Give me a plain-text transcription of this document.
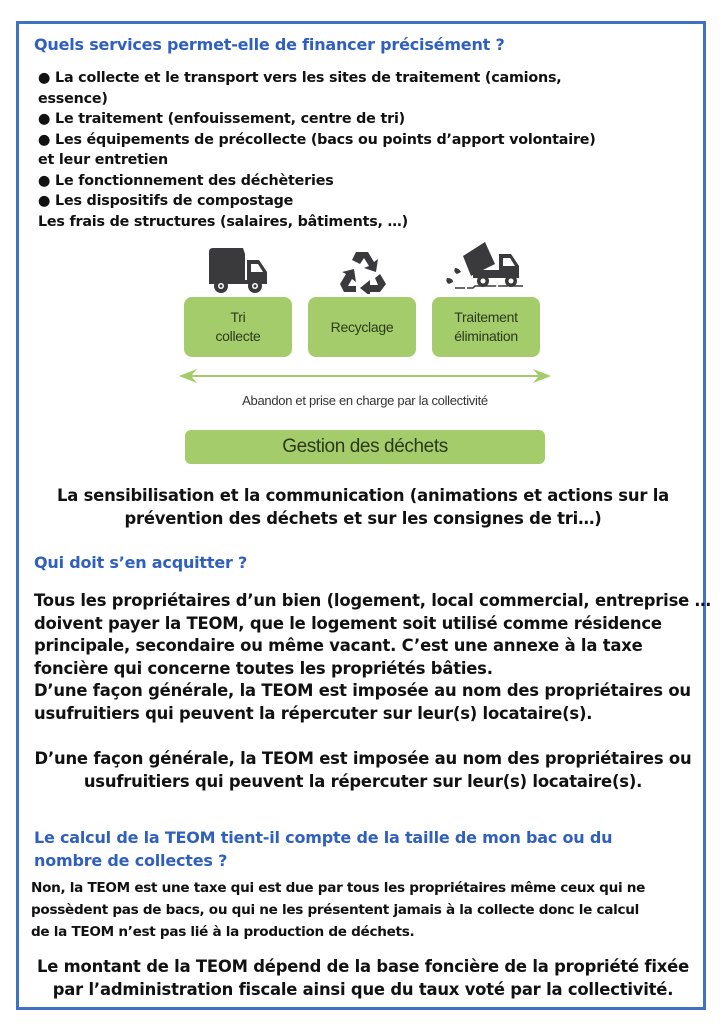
Quels services permet-elle de financer précisément ?
● La collecte et le transport vers les sites de traitement (camions,
essence)
● Le traitement (enfouissement, centre de tri)
● Les équipements de précollecte (bacs ou points d’apport volontaire)
et leur entretien
● Le fonctionnement des déchèteries
● Les dispositifs de compostage
Les frais de structures (salaires, bâtiments, …)
Tri
collecte
Recyclage
Traitement
élimination
Abandon et prise en charge par la collectivité
Gestion des déchets
La sensibilisation et la communication (animations et actions sur la
prévention des déchets et sur les consignes de tri…)
Qui doit s’en acquitter ?
Tous les propriétaires d’un bien (logement, local commercial, entreprise …
doivent payer la TEOM, que le logement soit utilisé comme résidence
principale, secondaire ou même vacant. C’est une annexe à la taxe
foncière qui concerne toutes les propriétés bâties.
D’une façon générale, la TEOM est imposée au nom des propriétaires ou
usufruitiers qui peuvent la répercuter sur leur(s) locataire(s).
D’une façon générale, la TEOM est imposée au nom des propriétaires ou
usufruitiers qui peuvent la répercuter sur leur(s) locataire(s).
Le calcul de la TEOM tient-il compte de la taille de mon bac ou du
nombre de collectes ?
Non, la TEOM est une taxe qui est due par tous les propriétaires même ceux qui ne
possèdent pas de bacs, ou qui ne les présentent jamais à la collecte donc le calcul
de la TEOM n’est pas lié à la production de déchets.
Le montant de la TEOM dépend de la base foncière de la propriété fixée
par l’administration fiscale ainsi que du taux voté par la collectivité.
